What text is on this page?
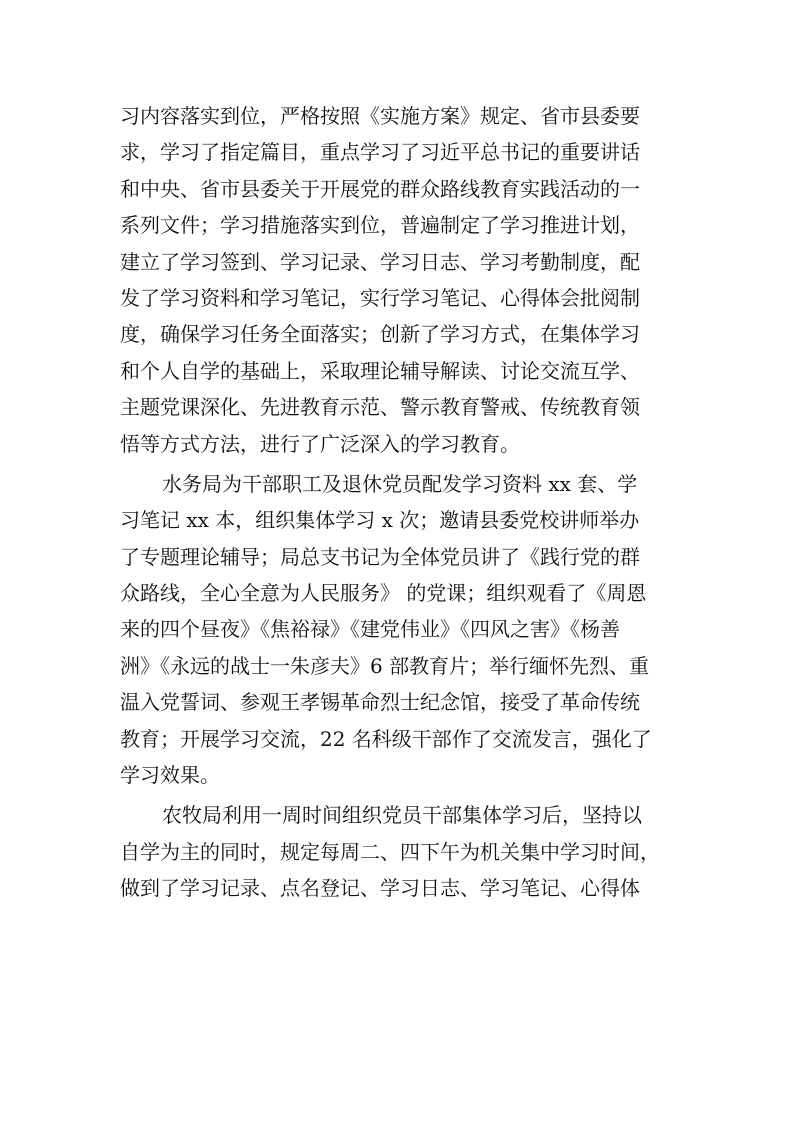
习内容落实到位，严格按照《实施方案》规定、省市县委要
求，学习了指定篇目，重点学习了习近平总书记的重要讲话
和中央、省市县委关于开展党的群众路线教育实践活动的一
系列文件；学习措施落实到位，普遍制定了学习推进计划，
建立了学习签到、学习记录、学习日志、学习考勤制度，配
发了学习资料和学习笔记，实行学习笔记、心得体会批阅制
度，确保学习任务全面落实；创新了学习方式，在集体学习
和个人自学的基础上，采取理论辅导解读、讨论交流互学、
主题党课深化、先进教育示范、警示教育警戒、传统教育领
悟等方式方法，进行了广泛深入的学习教育。
水务局为干部职工及退休党员配发学习资料 xx 套、学
习笔记 xx 本，组织集体学习 x 次；邀请县委党校讲师举办
了专题理论辅导；局总支书记为全体党员讲了《践行党的群
众路线，全心全意为人民服务》 的党课；组织观看了《周恩
来的四个昼夜》《焦裕禄》《建党伟业》《四风之害》《杨善
洲》《永远的战士一朱彦夫》6 部教育片；举行缅怀先烈、重
温入党誓词、参观王孝锡革命烈士纪念馆，接受了革命传统
教育；开展学习交流，22 名科级干部作了交流发言，强化了
学习效果。
农牧局利用一周时间组织党员干部集体学习后，坚持以
自学为主的同时，规定每周二、四下午为机关集中学习时间，
做到了学习记录、点名登记、学习日志、学习笔记、心得体
